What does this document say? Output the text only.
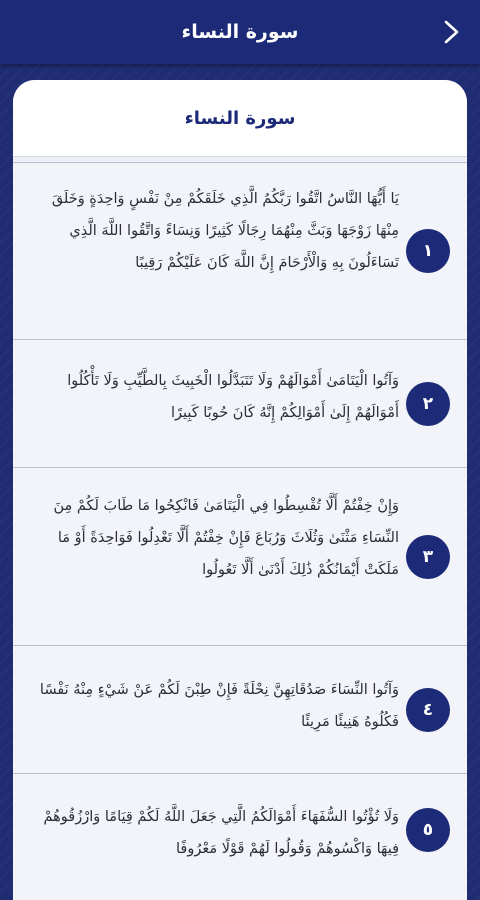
سورة النساء
سورة النساء
يَا أَيُّهَا النَّاسُ اتَّقُوا رَبَّكُمُ الَّذِي خَلَقَكُمْ مِنْ نَفْسٍ وَاحِدَةٍ وَخَلَقَ مِنْهَا زَوْجَهَا وَبَثَّ مِنْهُمَا رِجَالًا كَثِيرًا وَنِسَاءً وَاتَّقُوا اللَّهَ الَّذِي تَسَاءَلُونَ بِهِ وَالْأَرْحَامَ إِنَّ اللَّهَ كَانَ عَلَيْكُمْ رَقِيبًا
١
وَآتُوا الْيَتَامَىٰ أَمْوَالَهُمْ وَلَا تَتَبَدَّلُوا الْخَبِيثَ بِالطَّيِّبِ وَلَا تَأْكُلُوا أَمْوَالَهُمْ إِلَىٰ أَمْوَالِكُمْ إِنَّهُ كَانَ حُوبًا كَبِيرًا	٢
وَإِنْ خِفْتُمْ أَلَّا تُقْسِطُوا فِي الْيَتَامَىٰ فَانْكِحُوا مَا طَابَ لَكُمْ مِنَ النِّسَاءِ مَثْنَىٰ وَثُلَاثَ وَرُبَاعَ فَإِنْ خِفْتُمْ أَلَّا تَعْدِلُوا فَوَاحِدَةً أَوْ مَا مَلَكَتْ أَيْمَانُكُمْ ذَٰلِكَ أَدْنَىٰ أَلَّا تَعُولُوا
٣
وَآتُوا النِّسَاءَ صَدُقَاتِهِنَّ نِحْلَةً فَإِنْ طِبْنَ لَكُمْ عَنْ شَيْءٍ مِنْهُ نَفْسًا فَكُلُوهُ هَنِيئًا مَرِيئًا
٤
وَلَا تُؤْتُوا السُّفَهَاءَ أَمْوَالَكُمُ الَّتِي جَعَلَ اللَّهُ لَكُمْ قِيَامًا وَارْزُقُوهُمْ فِيهَا وَاكْسُوهُمْ وَقُولُوا لَهُمْ قَوْلًا مَعْرُوفًا
٥
